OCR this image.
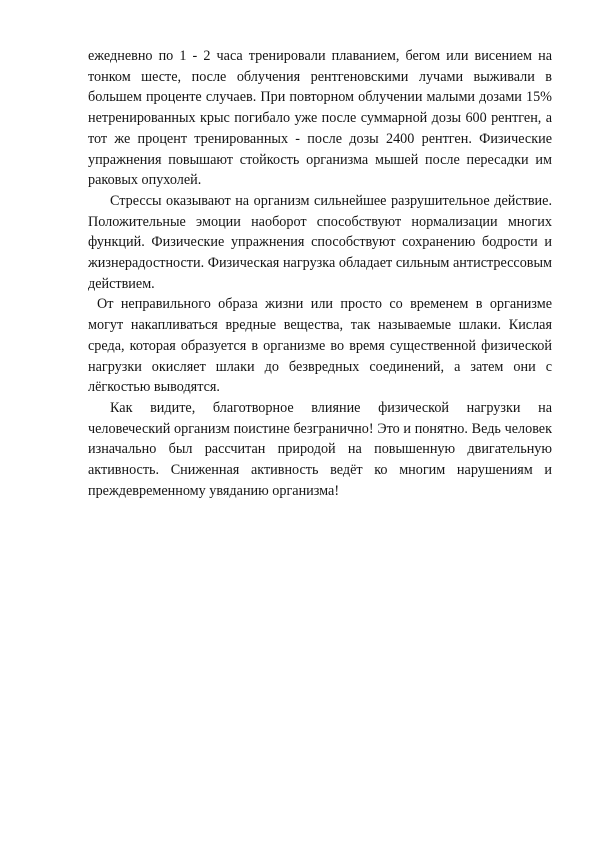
ежедневно по 1 - 2 часа тренировали плаванием, бегом или висением на тонком шесте, после облучения рентгеновскими лучами выживали в большем проценте случаев. При повторном облучении малыми дозами 15% нетренированных крыс погибало уже после суммарной дозы 600 рентген, а тот же процент тренированных - после дозы 2400 рентген. Физические упражнения повышают стойкость организма мышей после пересадки им раковых опухолей.

Стрессы оказывают на организм сильнейшее разрушительное действие. Положительные эмоции наоборот способствуют нормализации многих функций. Физические упражнения способствуют сохранению бодрости и жизнерадостности. Физическая нагрузка обладает сильным антистрессовым действием.

От неправильного образа жизни или просто со временем в организме могут накапливаться вредные вещества, так называемые шлаки. Кислая среда, которая образуется в организме во время существенной физической нагрузки окисляет шлаки до безвредных соединений, а затем они с лёгкостью выводятся.

Как видите, благотворное влияние физической нагрузки на человеческий организм поистине безгранично! Это и понятно. Ведь человек изначально был рассчитан природой на повышенную двигательную активность. Сниженная активность ведёт ко многим нарушениям и преждевременному увяданию организма!
